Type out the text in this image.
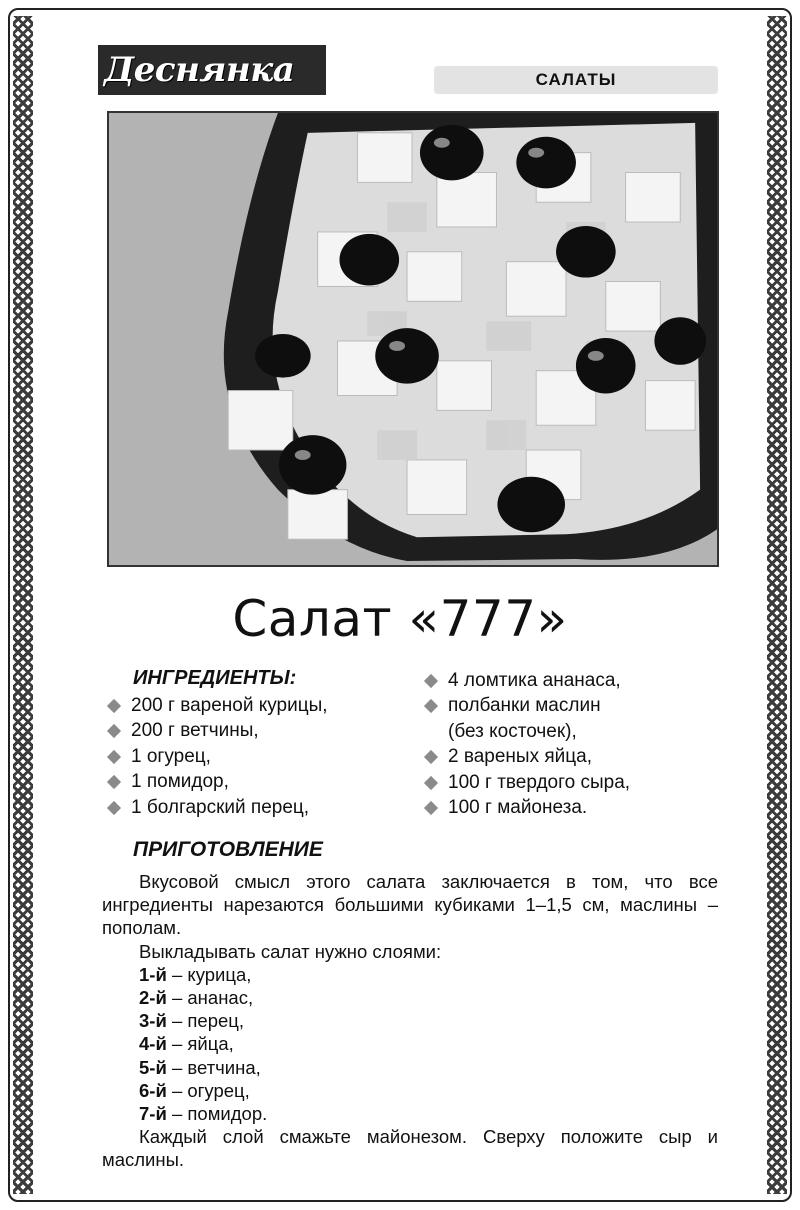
Деснянка	САЛАТЫ
Салат «777»
ИНГРЕДИЕНТЫ:
200 г вареной курицы,
200 г ветчины,
1 огурец,
1 помидор,
1 болгарский перец,
4 ломтика ананаса,
полбанки маслин
(без косточек),
2 вареных яйца,
100 г твердого сыра,
100 г майонеза.
ПРИГОТОВЛЕНИЕ

Вкусовой смысл этого салата заключается в том, что все ингредиенты нарезаются большими кубиками 1–1,5 см, маслины – пополам.

Выкладывать салат нужно слоями:

1-й – курица,
2-й – ананас,
3-й – перец,
4-й – яйца,
5-й – ветчина,
6-й – огурец,
7-й – помидор.

Каждый слой смажьте майонезом. Сверху положите сыр и маслины.
